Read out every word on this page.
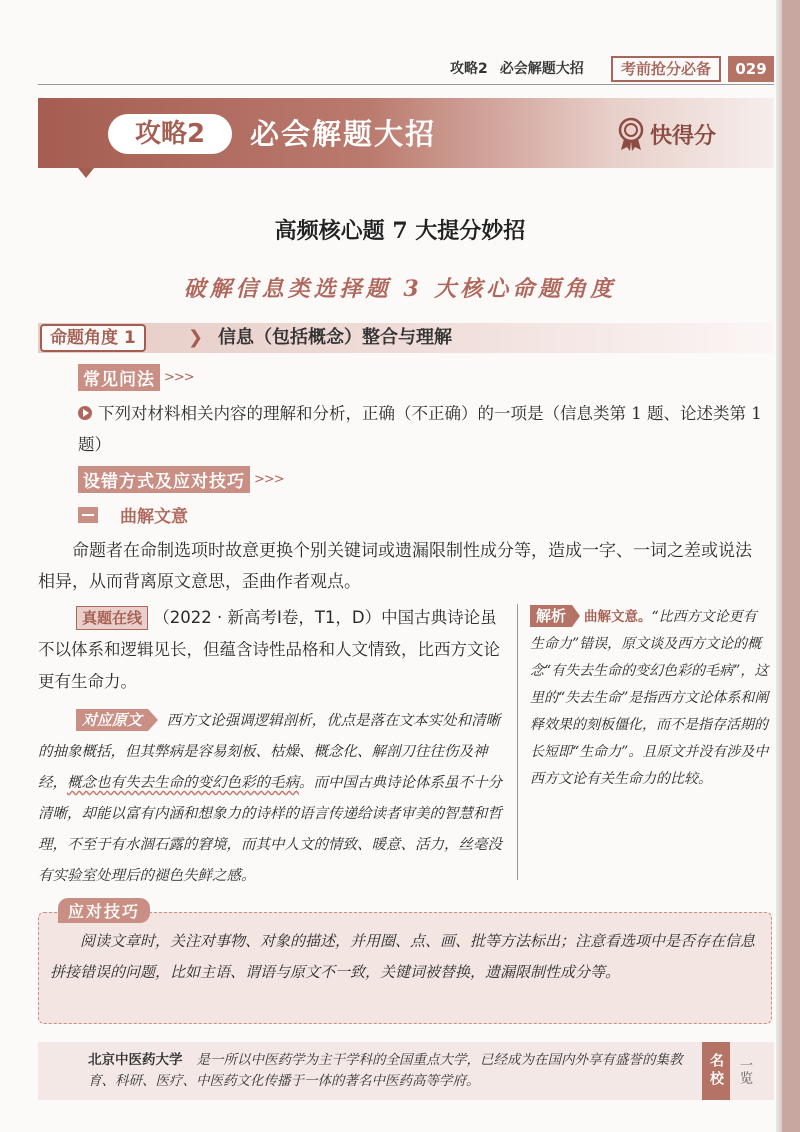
攻略2 必会解题大招	考前抢分必备	029
攻略2	必会解题大招	快得分
高频核心题 7 大提分妙招
破解信息类选择题 3 大核心命题角度
命题角度 1	❯ 信息（包括概念）整合与理解
常见问法 >>>
下列对材料相关内容的理解和分析，正确（不正确）的一项是（信息类第 1 题、论述类第 1 题）
设错方式及应对技巧 >>>
曲解文意
命题者在命制选项时故意更换个别关键词或遗漏限制性成分等，造成一字、一词之差或说法相异，从而背离原文意思，歪曲作者观点。
真题在线 （2022 · 新高考Ⅰ卷，T1，D）中国古典诗论虽不以体系和逻辑见长，但蕴含诗性品格和人文情致，比西方文论更有生命力。
对应原文 西方文论强调逻辑剖析，优点是落在文本实处和清晰的抽象概括，但其弊病是容易刻板、枯燥、概念化、解剖刀往往伤及神经，概念也有失去生命的变幻色彩的毛病。而中国古典诗论体系虽不十分清晰，却能以富有内涵和想象力的诗样的语言传递给读者审美的智慧和哲理，不至于有水涸石露的窘境，而其中人文的情致、暖意、活力，丝毫没有实验室处理后的褪色失鲜之感。
解析 曲解文意。“比西方文论更有生命力”错误，原文谈及西方文论的概念“有失去生命的变幻色彩的毛病”，这里的“失去生命”是指西方文论体系和阐释效果的刻板僵化，而不是指存活期的长短即“生命力”。且原文并没有涉及中西方文论有关生命力的比较。
应对技巧
阅读文章时，关注对事物、对象的描述，并用圈、点、画、批等方法标出；注意看选项中是否存在信息拼接错误的问题，比如主语、谓语与原文不一致，关键词被替换，遗漏限制性成分等。
北京中医药大学 是一所以中医药学为主干学科的全国重点大学，已经成为在国内外享有盛誉的集教育、科研、医疗、中医药文化传播于一体的著名中医药高等学府。	名校	一览
